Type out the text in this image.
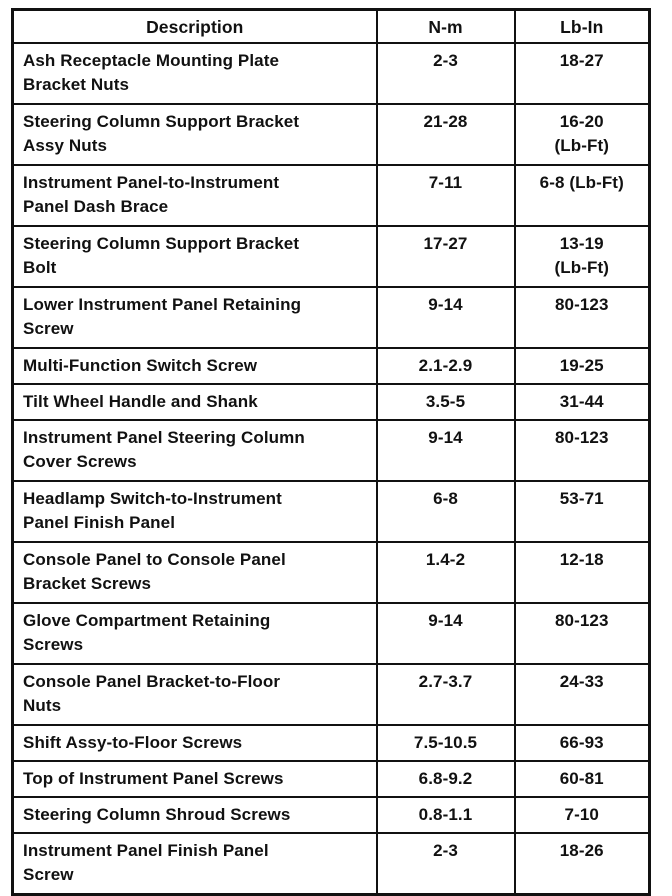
Description	N-m	Lb-In

Ash Receptacle Mounting Plate
Bracket Nuts	2-3	18-27

Steering Column Support Bracket
Assy Nuts	21-28	16-20
(Lb-Ft)

Instrument Panel-to-Instrument
Panel Dash Brace	7-11	6-8 (Lb-Ft)

Steering Column Support Bracket
Bolt	17-27	13-19
(Lb-Ft)

Lower Instrument Panel Retaining
Screw	9-14	80-123

Multi-Function Switch Screw	2.1-2.9	19-25

Tilt Wheel Handle and Shank	3.5-5	31-44

Instrument Panel Steering Column
Cover Screws	9-14	80-123

Headlamp Switch-to-Instrument
Panel Finish Panel	6-8	53-71

Console Panel to Console Panel
Bracket Screws	1.4-2	12-18

Glove Compartment Retaining
Screws	9-14	80-123

Console Panel Bracket-to-Floor
Nuts	2.7-3.7	24-33

Shift Assy-to-Floor Screws	7.5-10.5	66-93

Top of Instrument Panel Screws	6.8-9.2	60-81

Steering Column Shroud Screws	0.8-1.1	7-10

Instrument Panel Finish Panel
Screw	2-3	18-26
